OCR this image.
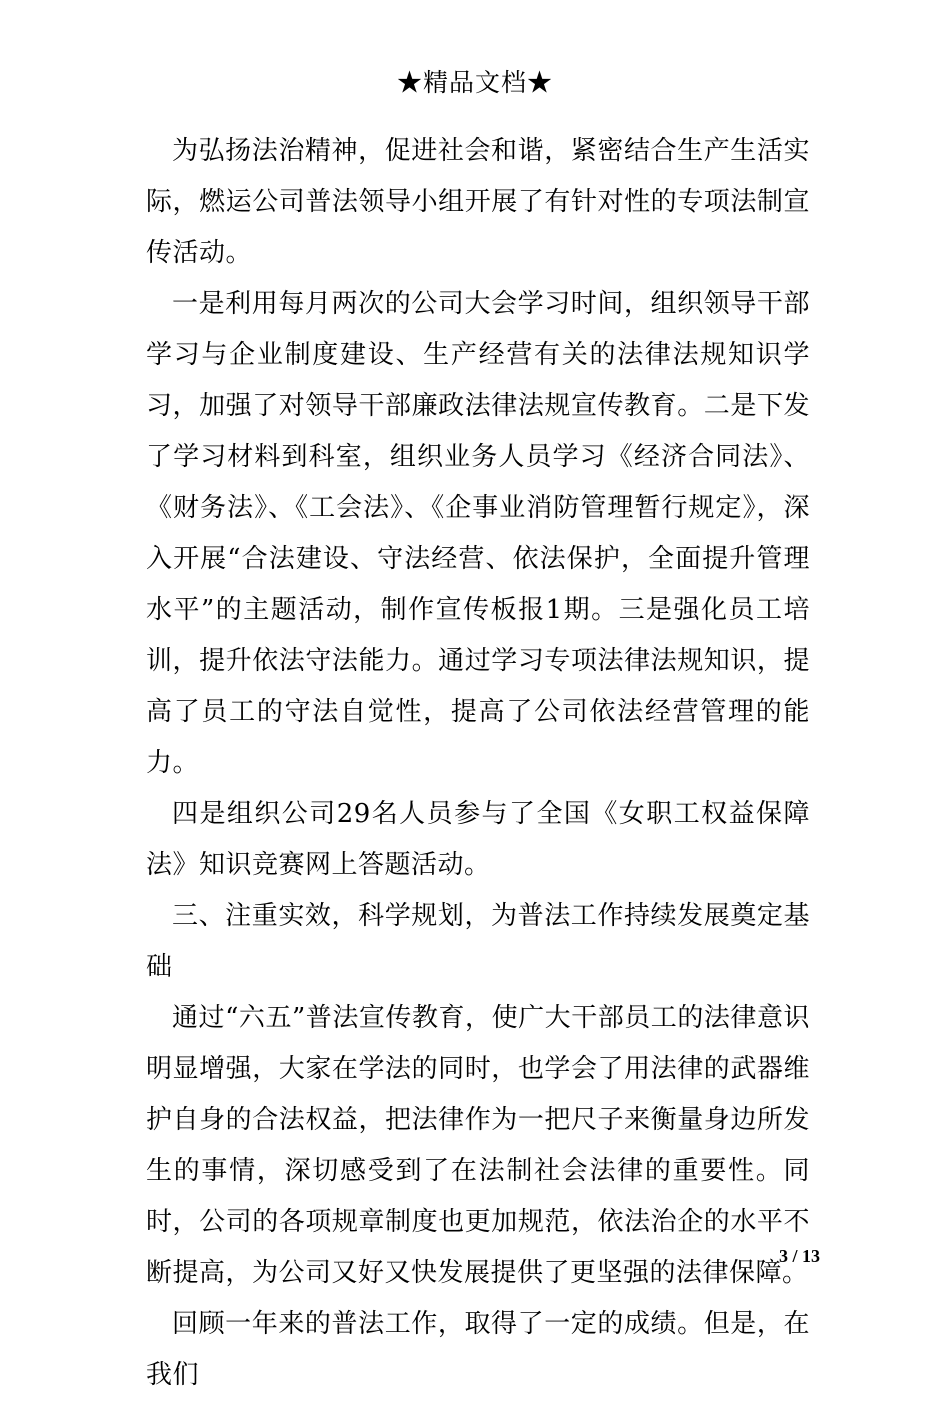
★精品文档★

为弘扬法治精神，促进社会和谐，紧密结合生产生活实际，燃运公司普法领导小组开展了有针对性的专项法制宣传活动。

一是利用每月两次的公司大会学习时间，组织领导干部学习与企业制度建设、生产经营有关的法律法规知识学习，加强了对领导干部廉政法律法规宣传教育。二是下发了学习材料到科室，组织业务人员学习《经济合同法》、《财务法》、《工会法》、《企事业消防管理暂行规定》，深入开展“合法建设、守法经营、依法保护，全面提升管理水平”的主题活动，制作宣传板报1期。三是强化员工培训，提升依法守法能力。通过学习专项法律法规知识，提高了员工的守法自觉性，提高了公司依法经营管理的能力。

四是组织公司29名人员参与了全国《女职工权益保障法》知识竞赛网上答题活动。

三、注重实效，科学规划，为普法工作持续发展奠定基础

通过“六五”普法宣传教育，使广大干部员工的法律意识明显增强，大家在学法的同时，也学会了用法律的武器维护自身的合法权益，把法律作为一把尺子来衡量身边所发生的事情，深切感受到了在法制社会法律的重要性。同时，公司的各项规章制度也更加规范，依法治企的水平不断提高，为公司又好又快发展提供了更坚强的法律保障。

回顾一年来的普法工作，取得了一定的成绩。但是，在我们

3 / 13
